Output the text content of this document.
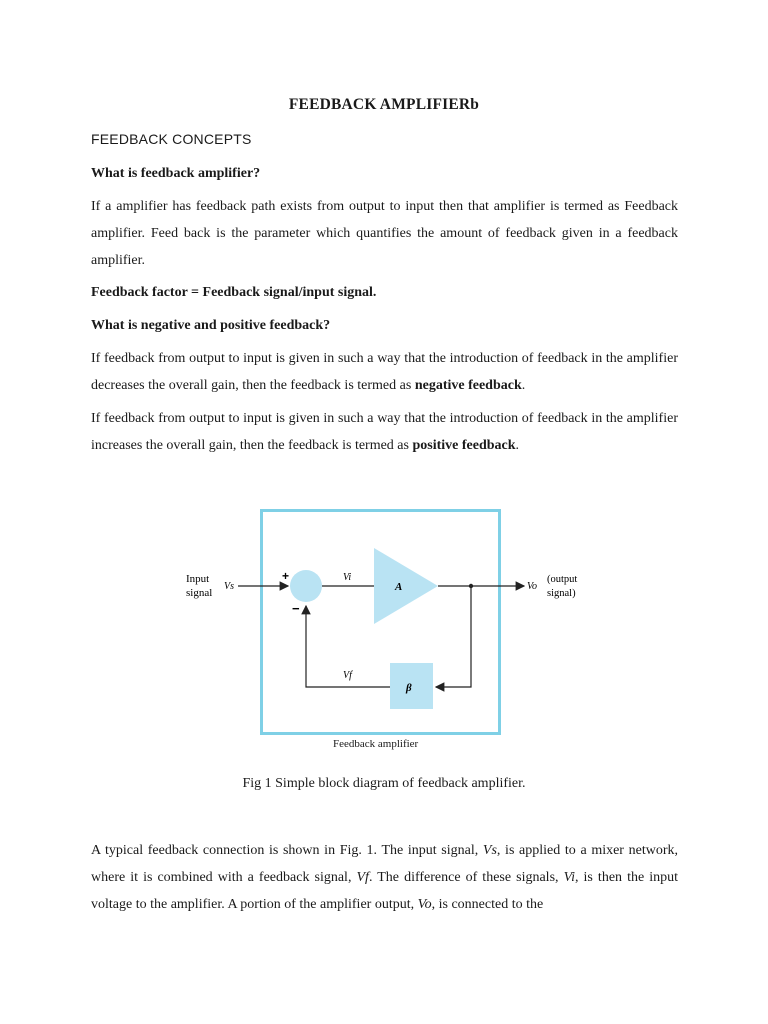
FEEDBACK AMPLIFIERb
FEEDBACK CONCEPTS
What is feedback amplifier?
If a amplifier has feedback path exists from output to input then that amplifier is termed as Feedback amplifier. Feed back is the parameter which quantifies the amount of feedback given in a feedback amplifier.
Feedback factor = Feedback signal/input signal.
What is negative and positive feedback?
If feedback from output to input is given in such a way that the introduction of feedback in the amplifier decreases the overall gain, then the feedback is termed as negative feedback.
If feedback from output to input is given in such a way that the introduction of feedback in the amplifier increases the overall gain, then the feedback is termed as positive feedback.
Input
signal
Vs
+
−
Vi
A	Vo
(output
signal)
β
Vf
Feedback amplifier
Fig 1 Simple block diagram of feedback amplifier.
A typical feedback connection is shown in Fig. 1. The input signal, Vs, is applied to a mixer network, where it is combined with a feedback signal, Vf. The difference of these signals, Vi, is then the input voltage to the amplifier. A portion of the amplifier output, Vo, is connected to the
